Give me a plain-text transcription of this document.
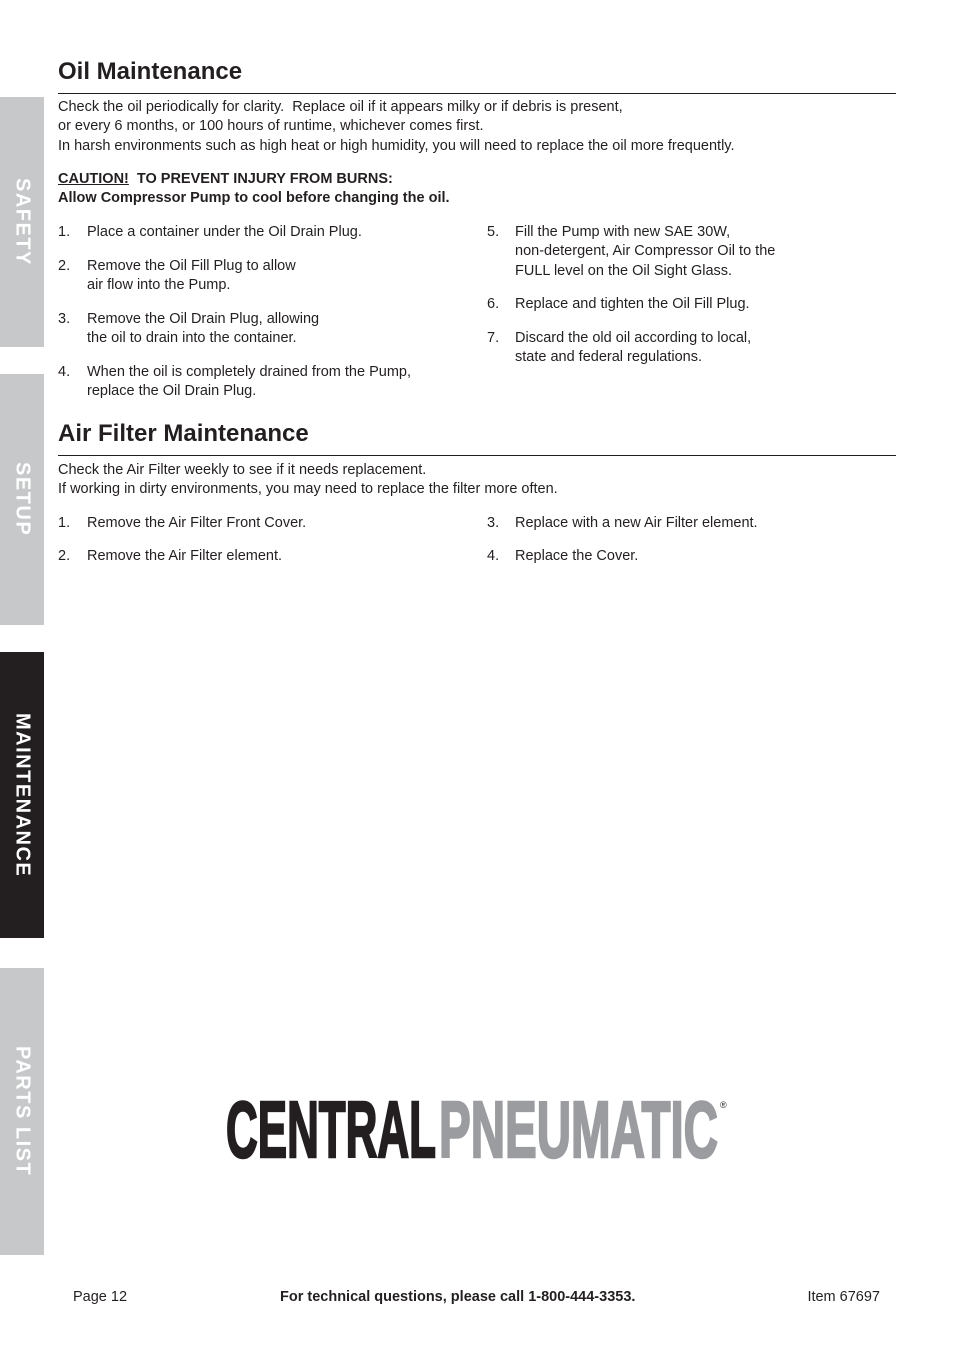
SAFETY
SETUP
MAINTENANCE
PARTS LIST
Oil Maintenance
Check the oil periodically for clarity.  Replace oil if it appears milky or if debris is present,
or every 6 months, or 100 hours of runtime, whichever comes first.
In harsh environments such as high heat or high humidity, you will need to replace the oil more frequently.
CAUTION! TO PREVENT INJURY FROM BURNS:
Allow Compressor Pump to cool before changing the oil.
1. Place a container under the Oil Drain Plug.
2. Remove the Oil Fill Plug to allow
air flow into the Pump.
3. Remove the Oil Drain Plug, allowing
the oil to drain into the container.
4. When the oil is completely drained from the Pump,
replace the Oil Drain Plug.
5. Fill the Pump with new SAE 30W,
non-detergent, Air Compressor Oil to the
FULL level on the Oil Sight Glass.
6. Replace and tighten the Oil Fill Plug.
7. Discard the old oil according to local,
state and federal regulations.
Air Filter Maintenance
Check the Air Filter weekly to see if it needs replacement.
If working in dirty environments, you may need to replace the filter more often.
1. Remove the Air Filter Front Cover.
2. Remove the Air Filter element.
3. Replace with a new Air Filter element.
4. Replace the Cover.
CENTRAL PNEUMATIC ®
Page 12	For technical questions, please call 1-800-444-3353.	Item 67697
